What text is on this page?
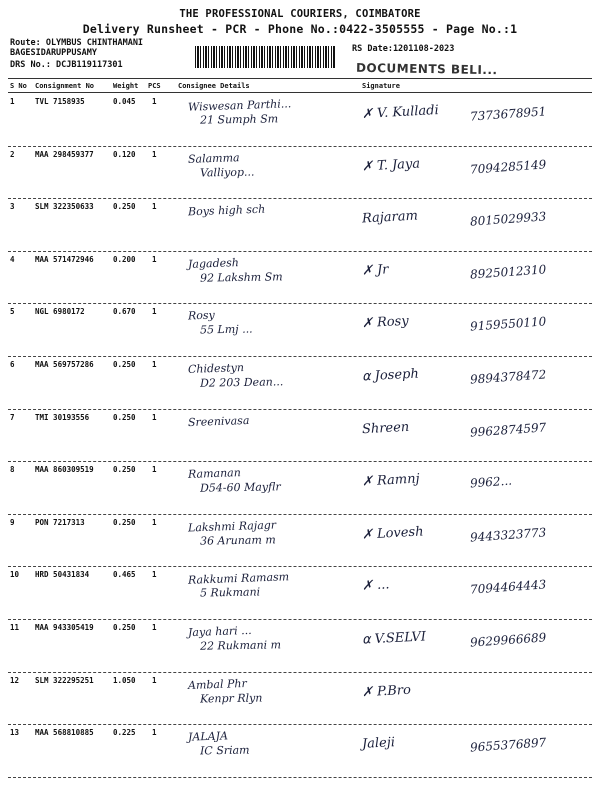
THE PROFESSIONAL COURIERS, COIMBATORE
Delivery Runsheet - PCR - Phone No.:0422-3505555 - Page No.:1
Route: OLYMBUS CHINTHAMANI
BAGESIDARUPPUSAMY
DRS No.: DCJB119117301
RS Date:1201108-2023
DOCUMENTS BELI...
S No Consignment No	Weight PCS Consignee Details	Signature
1	TVL 7158935	0.045 1	Wiswesan Parthi...
21 Sumph Sm	✗ V. Kulladi	7373678951
2	MAA 298459377	0.120 1	Salamma
Valliyop...	✗ T. Jaya	7094285149
3	SLM 322350633	0.250 1	Boys high sch	Rajaram	8015029933
4	MAA 571472946	0.200 1	Jagadesh
92 Lakshm Sm	✗ Jr	8925012310
5	NGL 6980172	0.670 1	Rosy
55 Lmj ...	✗ Rosy	9159550110
6	MAA 569757286	0.250 1	Chidestyn
D2 203 Dean...	⍺ Joseph	9894378472
7	TMI 30193556	0.250 1	Sreenivasa	Shreen	9962874597
8	MAA 860309519	0.250 1	Ramanan
D54-60 Mayflr	✗ Ramnj	9962...
9	PON 7217313	0.250 1	Lakshmi Rajagr
36 Arunam m	✗ Lovesh	9443323773
10 HRD 50431834	0.465 1	Rakkumi Ramasm
5 Rukmani	✗ ...	7094464443
11 MAA 943305419	0.250 1	Jaya hari ...
22 Rukmani m	⍺ V.SELVI	9629966689
12 SLM 322295251	1.050 1	Ambal Phr
Kenpr Rlyn	✗ P.Bro
13 MAA 568810885	0.225 1	JALAJA
IC Sriam	Jaleji	9655376897
